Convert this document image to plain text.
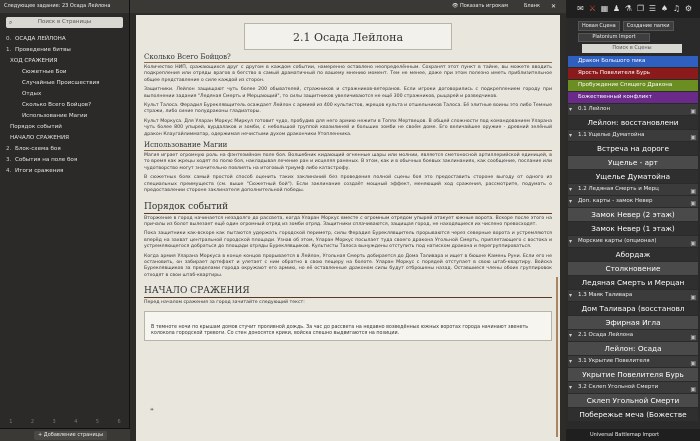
Следующее задание: 23 Осада Лейлона
⌕	Поиск в Страницы
0. ОСАДА ЛЕЙЛОНА
1. Проведение битвы
ХОД СРАЖЕНИЯ
Сюжетные Бои
Случайные Происшествия
Отдых
Сколько Всего Бойцов?
Использование Магии
Порядок событий
НАЧАЛО СРАЖЕНИЯ
2. Блок-схема боя
3. События на поле боя
4. Итоги сражения
1	2	3	4	5	6
+ Добавление страницы
👁 Показать игрокам	Бланк ✕
2.1 Осада Лейлона
Сколько Всего Бойцов?

Количество НИП, сражающихся друг с другом в каждом событии, намеренно оставлено неопределённым. Сохранят этот пункт в тайне, вы можете вводить подкрепления или отряды врагов в бегство в самый драматичный по вашему мнению момент. Тем не менее, даже при этом полезно иметь приблизительное общее представление о силе каждой из сторон.

Защитники. Лейлон защищают чуть более 200 обывателей, стражников и стражников-ветеранов. Если игроки договорились с подкреплением городу при выполнении задания "Ледяная Смерть и Мерцающий", то силы защитников увеличиваются не ещё 300 стражников, рыцарей и разведчиков.

Культ Талоса. Ферадил Буреклявщитель осаждает Лейлон с армией из 400 культистов, жрецов культа и отшельников Талоса. Её элитные воины это либо Темные стражи, либо синие полудраконы гладиаторы.

Культ Моркуса. Для Уларан Моркус Миркул готовит чудо, пробудив для него армию нежити в Топях Мертвецов. В общей сложности под командованием Уларана чуть более 800 упырей, вурдалаков и зомби, с небольшой группой квазилиней и больших зомби не своём доме. Его величайшее оружие - древний зелёный дракон Клаугайлимматар, одержимая нечистыми духом дракончики Утопленника.

Использование Магии

Магия играет огромную роль на фэнтезийном поле боя. Волшебник кидающий огненные шары или молнии, является сметоносной артиллерийской единицей, в то время как жрецы ходят по полю боя, накладывая лечение ран и исцеляя раненых. В этом, как и в обычных боевых заклинаниях, как сообщение, послание или чудотворство могут значительно повлиять на итоговый триумф либо катастрофу.

В сюжетных боях самый простой способ оценить таких заклинаний без проведения полной сцены боя это предоставить стороне выгоду от одного из специальных преимуществ (см. выше "Сюжетный бой"). Если заклинание создаёт мощный эффект, меняющий ход сражения, рассмотрите, подумать о предоставлении стороне заклинателя дополнительной победы.

Порядок событий

Вторжение в город начинается незадолго до рассвета, когда Уларан Моркус вместе с огромным отрядом упырей атакует южные ворота. Вскоре после этого на причалы из болот вылезает ещё один огромный отряд из зомби отряд. Защитники сплачиваются, защищая город, не находящиеся их числено превосходят.

Пока защитники как-вскоре как пытаются удержать городской периметр, силы Ферадил Буреклявщитель прорываются через северные ворота и устремляются вперёд на захват центральной городской площади. Узнав об этом, Уларан Моркус посылает туда своего дракона Угольной Смерть, приплетающего с востока и устремляющегося добраться до площади отряды Буреклявщиков. Культисты Талоса вынуждены отступить под натиском дракона и перегруппироваться.

Когда армия Уларана Моркуса в конце концов прорывается в Лейлон, Угольная Смерть добирается до Дома Таливара и ищет в бюшне Камень Руни. Если его не остановить, он забирает артефакт и улетает с ним обратно в свою пещеру на болоте. Уларан Моркус с порядей отступает в свою штаб-квартиру. Войска Буреклявщиков за пределами города окружают его армию, но её оставленные драконом силы будут отброшены назад. Оставшиеся члены обоих группировок отходят в свои штаб-квартиры.

НАЧАЛО СРАЖЕНИЯ

Перед началом сражения за город зачитайте следующий текст:

❝
В темноте ночи по крышам домов стучит проливной дождь. За час до рассвета на недавно возведённых южных воротах города начинают звенеть колокола городской тревоги. Со стен доносятся крики, войска спешно выдвигаются на позиции.
✉ ⚔ ▦ ♟ ⚗ ❐ ☰ ♠ ♫ ⚙
Новая Сцена	Создание папки
Platonium Import
Поиск в Сцены
Дракон Большого пика
Ярость Повелителя Бурь
Пробуждение Спящего Дракона
Божественный конфликт
▾ 0.1 Лейлон	▣
Лейлон: восстановлени
▾ 1.1 Ущелье Думатойна	▣
Встреча на дороге
Ущелье - арт
Ущелье Думатойна
▾ 1.2 Ледяная Смерть и Мерц	▣
▾ Доп. карты - замок Невер	▣
Замок Невер (2 этаж)
Замок Невер (1 этаж)
▾ Морские карты (опционал)	▣
Абордаж
Столкновение
Ледяная Смерть и Мерцан
▾ 1.3 Маяк Таливара	▣
Дом Таливара (восстановл
Эфирная Игла
▾ 2.1 Осада Лейлона	▣
Лейлон: Осада
▾ 3.1 Укрытие Повелителя	▣
Укрытие Повелителя Бурь
▾ 3.2 Склеп Угольной Смерти	▣
Склеп Угольной Смерти
Побережье меча (Божестве
Universal Battlemap Import
